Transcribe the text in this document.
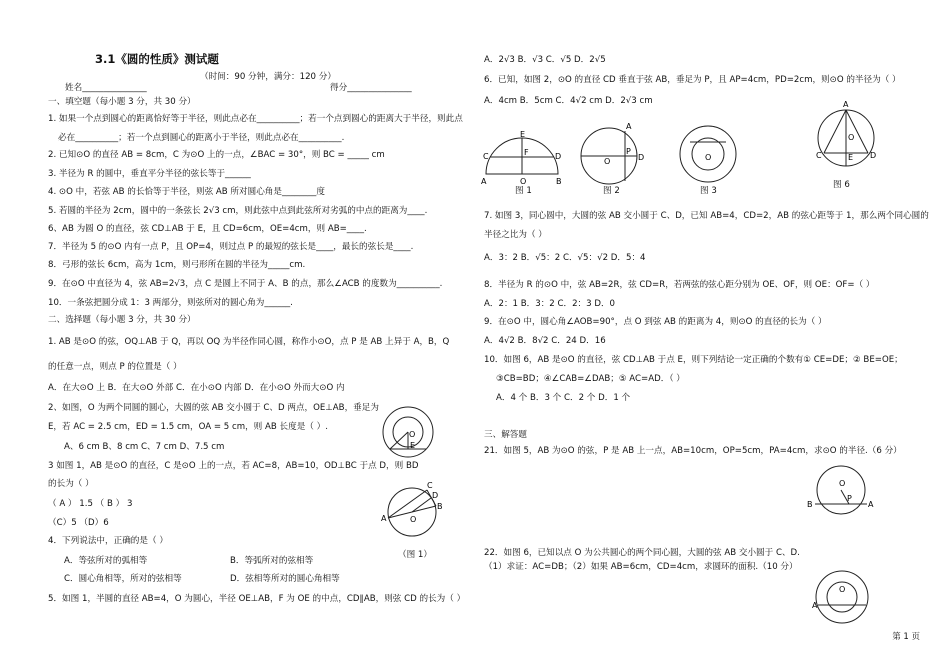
3.1《圆的性质》测试题
（时间：90 分钟，满分：120 分）
姓名_______________	得分_______________
一、填空题（每小题 3 分，共 30 分）
1. 如果一个点到圆心的距离恰好等于半径，则此点必在__________；若一个点到圆心的距离大于半径，则此点
必在__________；若一个点到圆心的距离小于半径，则此点必在__________.
2. 已知⊙O 的直径 AB = 8cm，C 为⊙O 上的一点，∠BAC = 30°，则 BC = _____ cm
3. 半径为 R 的圆中，垂直平分半径的弦长等于______
4. ⊙O 中，若弦 AB 的长恰等于半径，则弦 AB 所对圆心角是________度
5. 若圆的半径为 2cm，圆中的一条弦长 2√3 cm，则此弦中点到此弦所对劣弧的中点的距离为____.
6、AB 为圆 O 的直径，弦 CD⊥AB 于 E，且 CD=6cm，OE=4cm，则 AB=____.
7．半径为 5 的⊙O 内有一点 P，且 OP=4，则过点 P 的最短的弦长是____，最长的弦长是____.
8．弓形的弦长 6cm，高为 1cm，则弓形所在圆的半径为_____cm.
9．在⊙O 中直径为 4，弦 AB=2√3，点 C 是圆上不同于 A、B 的点，那么∠ACB 的度数为__________.
10．一条弦把圆分成 1：3 两部分，则弦所对的圆心角为______.
二、选择题（每小题 3 分，共 30 分）
1. AB 是⊙O 的弦，OQ⊥AB 于 Q，再以 OQ 为半径作同心圆，称作小⊙O，点 P 是 AB 上异于 A，B，Q
的任意一点，则点 P 的位置是（ ）
A．在大⊙O 上 B．在大⊙O 外部 C．在小⊙O 内部 D．在小⊙O 外而大⊙O 内
2、如图，O 为两个同圆的圆心，大圆的弦 AB 交小圆于 C、D 两点，OE⊥AB，垂足为
E，若 AC = 2.5 cm，ED = 1.5 cm，OA = 5 cm，则 AB 长度是（ ）.
A、6 cm B、8 cm C、7 cm D、7.5 cm
3 如图 1，AB 是⊙O 的直径，C 是⊙O 上的一点，若 AC=8，AB=10，OD⊥BC 于点 D，则 BD
的长为（ ）
（ A ） 1.5 （ B ） 3
（C）5 （D）6
4．下列说法中，正确的是（ ）
A．等弦所对的弧相等	B．等弧所对的弦相等
C．圆心角相等，所对的弦相等	D．弦相等所对的圆心角相等
5．如图 1，半圆的直径 AB=4，O 为圆心，半径 OE⊥AB，F 为 OE 的中点，CD∥AB，则弦 CD 的长为（ ）
O
E
A
B
C
D
O
（图 1）
A．2√3 B．√3 C．√5 D．2√5
6．已知，如图 2，⊙O 的直径 CD 垂直于弦 AB，垂足为 P，且 AP=4cm，PD=2cm，则⊙O 的半径为（ ）
A．4cm B．5cm C．4√2 cm D．2√3 cm
A	B
C	D
E
F
O
图 1
O
P
A
D
图 2
O
图 3
A
O
C	D
E
图 6
7. 如图 3，同心圆中，大圆的弦 AB 交小圆于 C、D，已知 AB=4，CD=2，AB 的弦心距等于 1，那么两个同心圆的
半径之比为（ ）
A．3：2 B．√5：2 C．√5：√2 D．5：4
8．半径为 R 的⊙O 中，弦 AB=2R，弦 CD=R，若两弦的弦心距分别为 OE、OF，则 OE：OF=（ ）
A．2：1 B．3：2 C．2：3 D．0
9．在⊙O 中，圆心角∠AOB=90°，点 O 到弦 AB 的距离为 4，则⊙O 的直径的长为（ ）
A．4√2 B．8√2 C．24 D．16
10．如图 6，AB 是⊙O 的直径，弦 CD⊥AB 于点 E，则下列结论一定正确的个数有① CE=DE；② BE=OE；
③CB=BD；④∠CAB=∠DAB；⑤ AC=AD．（ ）
A．4 个 B．3 个 C．2 个 D．1 个
三、解答题
21．如图 5，AB 为⊙O 的弦，P 是 AB 上一点，AB=10cm，OP=5cm，PA=4cm，求⊙O 的半径.（6 分）
O
B	A
P
22．如图 6，已知以点 O 为公共圆心的两个同心圆，大圆的弦 AB 交小圆于 C、D.
（1）求证：AC=DB；（2）如果 AB=6cm，CD=4cm，求圆环的面积.（10 分）
O
A
第 1 页
